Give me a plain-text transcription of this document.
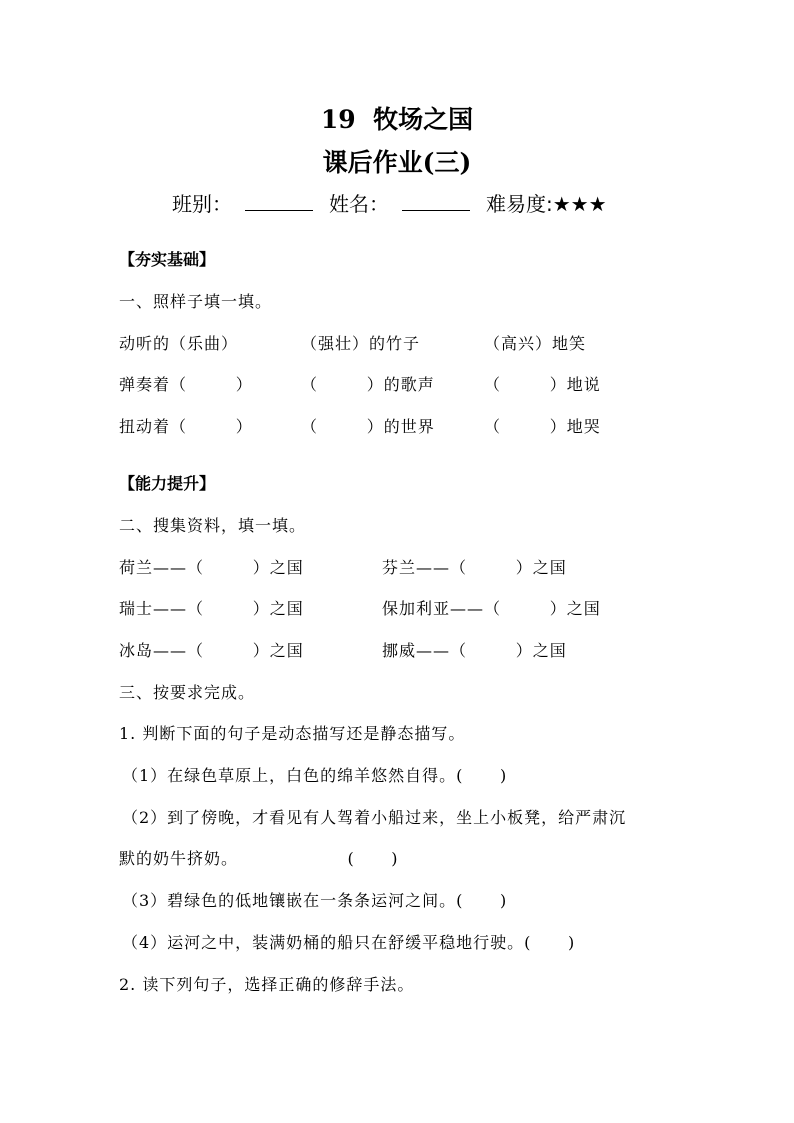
19  牧场之国
课后作业(三)
班别：	姓名：	难易度:★★★
【夯实基础】
一、照样子填一填。
动听的（乐曲）	（强壮）的竹子	（高兴）地笑
弹奏着（        ）	（        ）的歌声	（        ）地说
扭动着（        ）	（        ）的世界	（        ）地哭
【能力提升】
二、搜集资料，填一填。
荷兰——（        ）之国	芬兰——（        ）之国
瑞士——（        ）之国	保加利亚——（        ）之国
冰岛——（        ）之国	挪威——（        ）之国
三、按要求完成。
1. 判断下面的句子是动态描写还是静态描写。
（1）在绿色草原上，白色的绵羊悠然自得。(      )
（2）到了傍晚，才看见有人驾着小船过来，坐上小板凳，给严肃沉
默的奶牛挤奶。                  (      )
（3）碧绿色的低地镶嵌在一条条运河之间。(      )
（4）运河之中，装满奶桶的船只在舒缓平稳地行驶。(      )
2. 读下列句子，选择正确的修辞手法。
